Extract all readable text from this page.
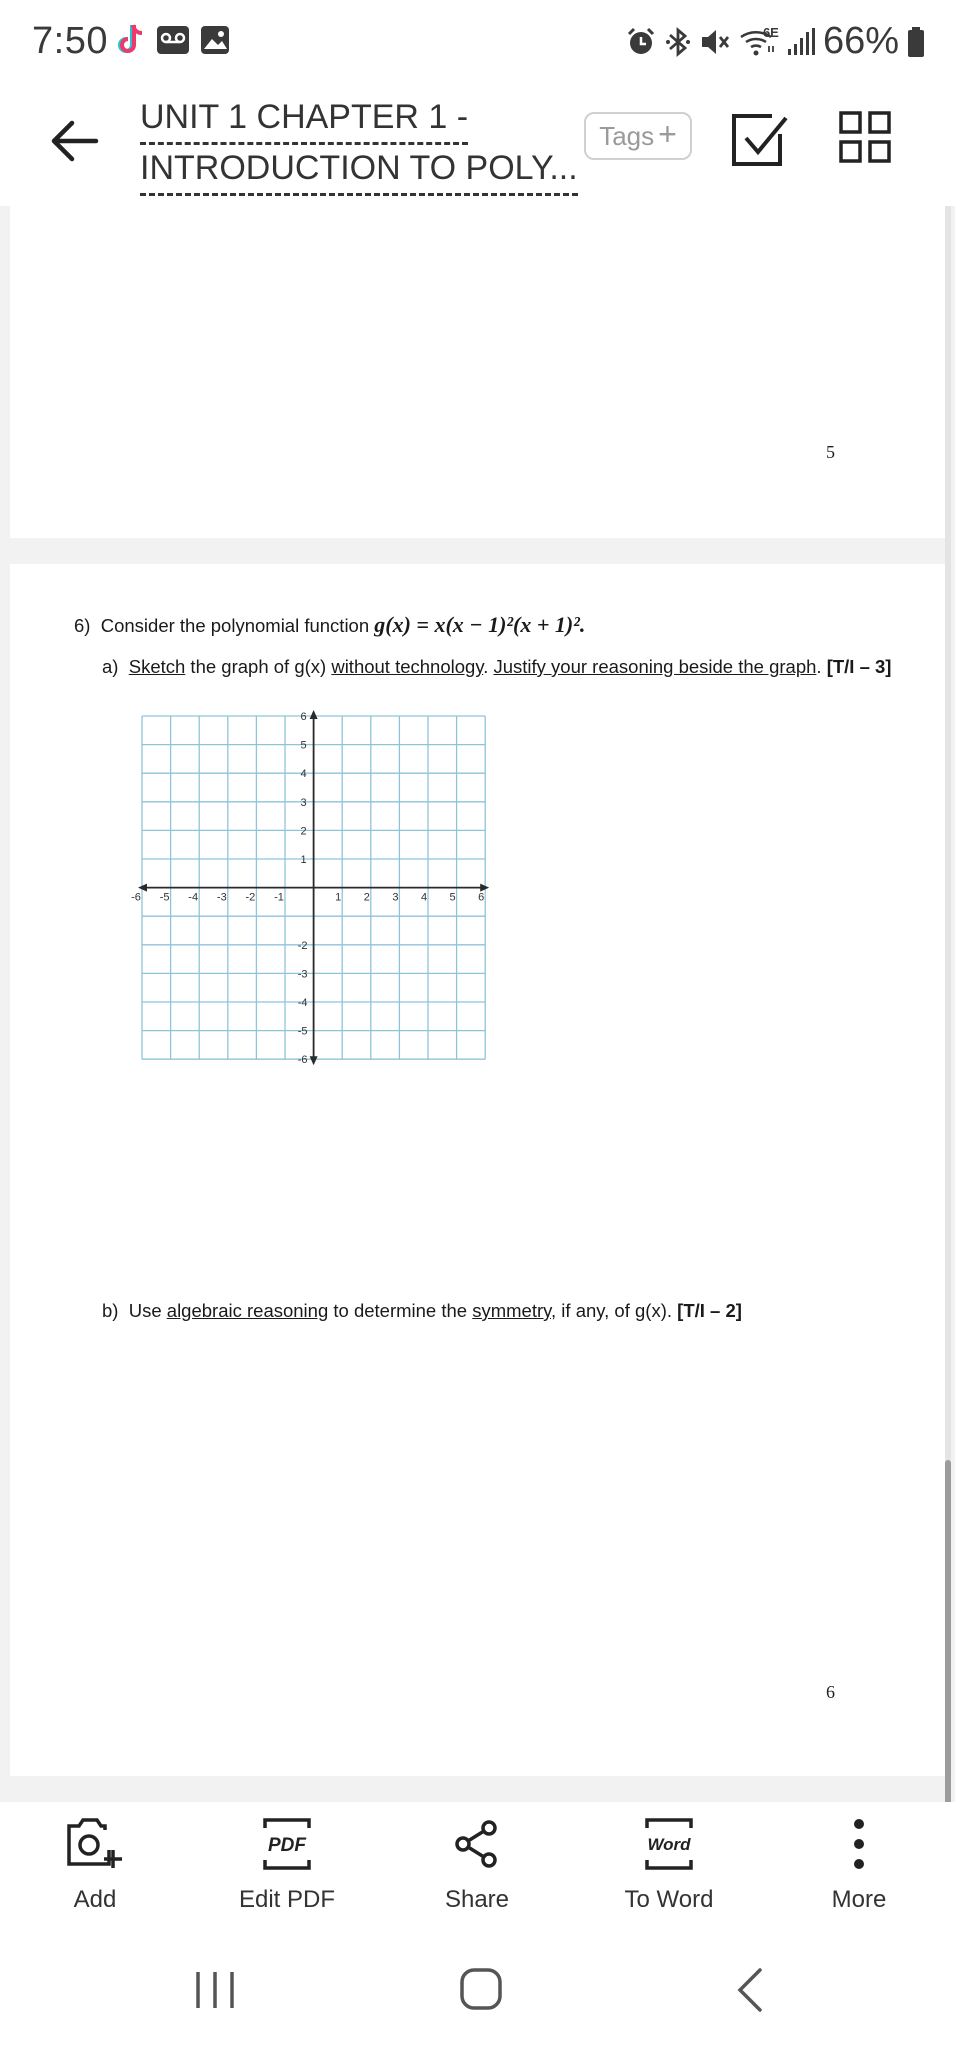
7:50	6E 66%
UNIT 1 CHAPTER 1 -
INTRODUCTION TO POLY...
Tags +
5
6) Consider the polynomial function g(x) = x(x − 1)²(x + 1)².
a) Sketch the graph of g(x) without technology. Justify your reasoning beside the graph. [T/I – 3]
-6 -5 -4 -3 -2 -1	1 2 3 4 5 6
6
5
4
3
2
1
-2
-3
-4
-5
-6
b) Use algebraic reasoning to determine the symmetry, if any, of g(x). [T/I – 2]
6
Add
PDF
Edit PDF	Share
Word
To Word	More
